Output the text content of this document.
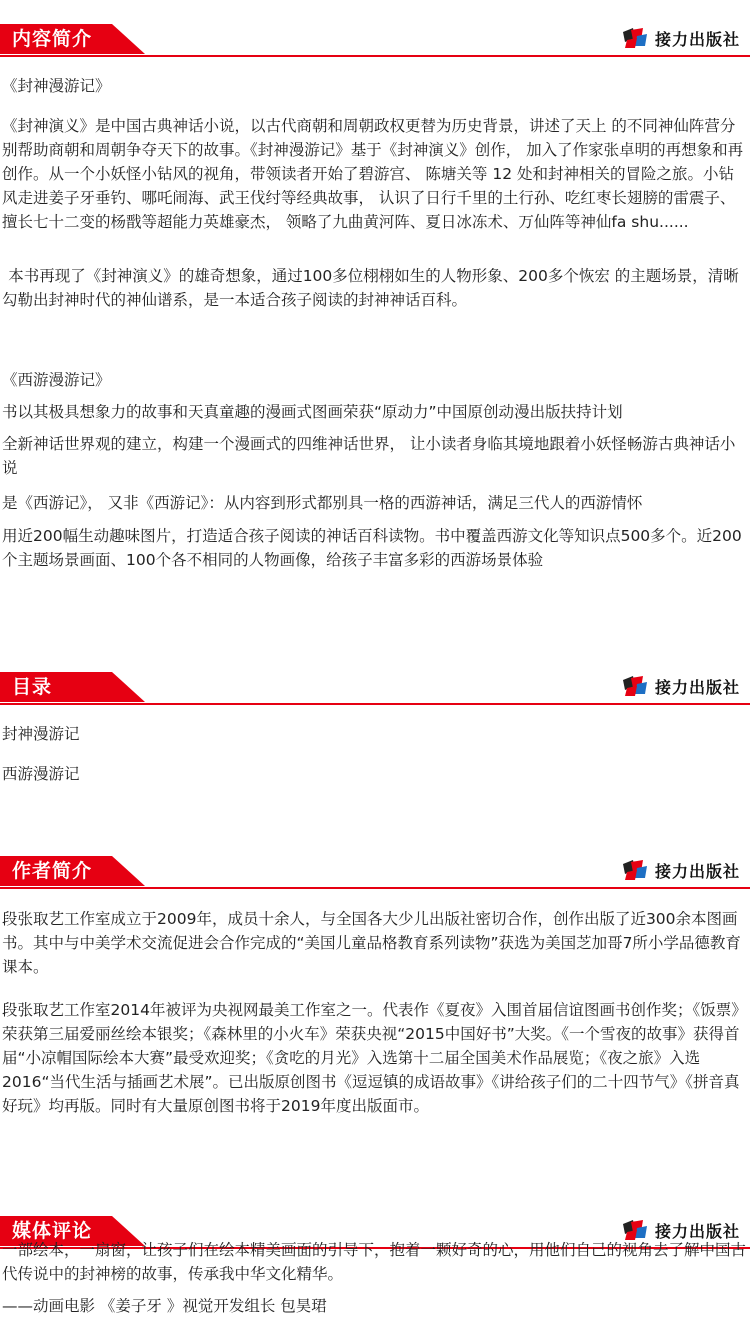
内容简介	接力出版社
《封神漫游记》
《封神演义》是中国古典神话小说，以古代商朝和周朝政权更替为历史背景，讲述了天上 的不同神仙阵营分别帮助商朝和周朝争夺天下的故事。《封神漫游记》基于《封神演义》创作， 加入了作家张卓明的再想象和再创作。从一个小妖怪小钻风的视角，带领读者开始了碧游宫、 陈塘关等 12 处和封神相关的冒险之旅。小钻风走进姜子牙垂钓、哪吒闹海、武王伐纣等经典故事， 认识了日行千里的土行孙、吃红枣长翅膀的雷震子、擅长七十二变的杨戬等超能力英雄豪杰， 领略了九曲黄河阵、夏日冰冻术、万仙阵等神仙fa shu......
本书再现了《封神演义》的雄奇想象，通过100多位栩栩如生的人物形象、200多个恢宏 的主题场景，清晰勾勒出封神时代的神仙谱系，是一本适合孩子阅读的封神神话百科。
《西游漫游记》
书以其极具想象力的故事和天真童趣的漫画式图画荣获“原动力”中国原创动漫出版扶持计划
全新神话世界观的建立，构建一个漫画式的四维神话世界， 让小读者身临其境地跟着小妖怪畅游古典神话小说
是《西游记》， 又非《西游记》：从内容到形式都别具一格的西游神话，满足三代人的西游情怀
用近200幅生动趣味图片，打造适合孩子阅读的神话百科读物。书中覆盖西游文化等知识点500多个。近200个主题场景画面、100个各不相同的人物画像，给孩子丰富多彩的西游场景体验
目录	接力出版社
封神漫游记
西游漫游记
作者简介	接力出版社
段张取艺工作室成立于2009年，成员十余人，与全国各大少儿出版社密切合作，创作出版了近300余本图画书。其中与中美学术交流促进会合作完成的“美国儿童品格教育系列读物”获选为美国芝加哥7所小学品德教育课本。
段张取艺工作室2014年被评为央视网最美工作室之一。代表作《夏夜》入围首届信谊图画书创作奖；《饭票》荣获第三届爱丽丝绘本银奖；《森林里的小火车》荣获央视“2015中国好书”大奖。《一个雪夜的故事》获得首届“小凉帽国际绘本大赛”最受欢迎奖；《贪吃的月光》入选第十二届全国美术作品展览；《夜之旅》入选2016“当代生活与插画艺术展”。已出版原创图书《逗逗镇的成语故事》《讲给孩子们的二十四节气》《拼音真好玩》均再版。同时有大量原创图书将于2019年度出版面市。
媒体评论	接力出版社
一部绘本，一扇窗，让孩子们在绘本精美画面的引导下，抱着一颗好奇的心，用他们自己的视角去了解中国古代传说中的封神榜的故事，传承我中华文化精华。
——动画电影 《姜子牙 》视觉开发组长 包昊珺
